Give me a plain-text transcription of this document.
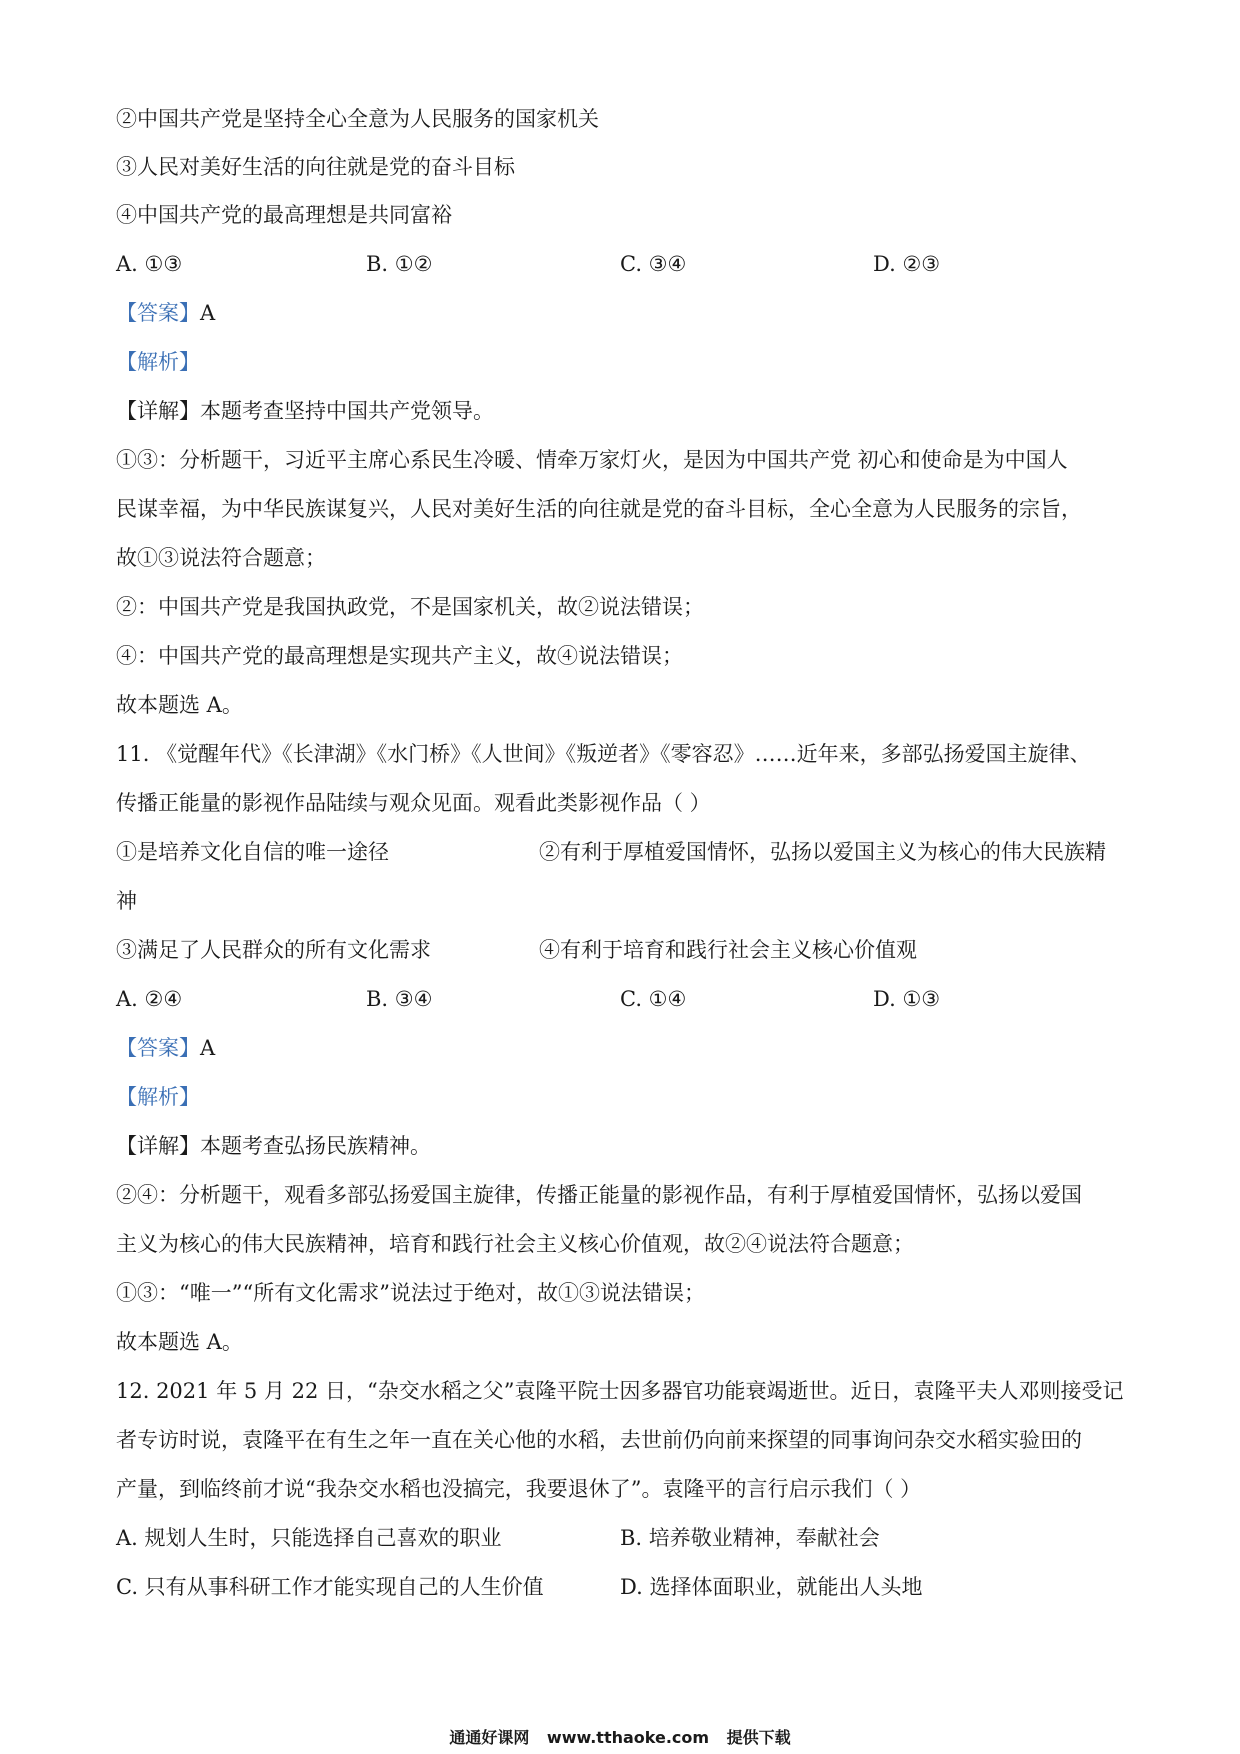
②中国共产党是坚持全心全意为人民服务的国家机关
③人民对美好生活的向往就是党的奋斗目标
④中国共产党的最高理想是共同富裕
A. ①③	B. ①②	C. ③④	D. ②③
【答案】A
【解析】
【详解】本题考查坚持中国共产党领导。
①③：分析题干，习近平主席心系民生冷暖、情牵万家灯火，是因为中国共产党 初心和使命是为中国人
民谋幸福，为中华民族谋复兴，人民对美好生活的向往就是党的奋斗目标，全心全意为人民服务的宗旨，
故①③说法符合题意；
②：中国共产党是我国执政党，不是国家机关，故②说法错误；
④：中国共产党的最高理想是实现共产主义，故④说法错误；
故本题选 A。
11. 《觉醒年代》《长津湖》《水门桥》《人世间》《叛逆者》《零容忍》……近年来，多部弘扬爱国主旋律、
传播正能量的影视作品陆续与观众见面。观看此类影视作品（ ）
①是培养文化自信的唯一途径	②有利于厚植爱国情怀，弘扬以爱国主义为核心的伟大民族精
神
③满足了人民群众的所有文化需求	④有利于培育和践行社会主义核心价值观
A. ②④	B. ③④	C. ①④	D. ①③
【答案】A
【解析】
【详解】本题考查弘扬民族精神。
②④：分析题干，观看多部弘扬爱国主旋律，传播正能量的影视作品，有利于厚植爱国情怀，弘扬以爱国
主义为核心的伟大民族精神，培育和践行社会主义核心价值观，故②④说法符合题意；
①③：“唯一”“所有文化需求”说法过于绝对，故①③说法错误；
故本题选 A。
12. 2021 年 5 月 22 日，“杂交水稻之父”袁隆平院士因多器官功能衰竭逝世。近日，袁隆平夫人邓则接受记
者专访时说，袁隆平在有生之年一直在关心他的水稻，去世前仍向前来探望的同事询问杂交水稻实验田的
产量，到临终前才说“我杂交水稻也没搞完，我要退休了”。袁隆平的言行启示我们（ ）
A. 规划人生时，只能选择自己喜欢的职业	B. 培养敬业精神，奉献社会
C. 只有从事科研工作才能实现自己的人生价值	D. 选择体面职业，就能出人头地
通通好课网 www.tthaoke.com 提供下载
